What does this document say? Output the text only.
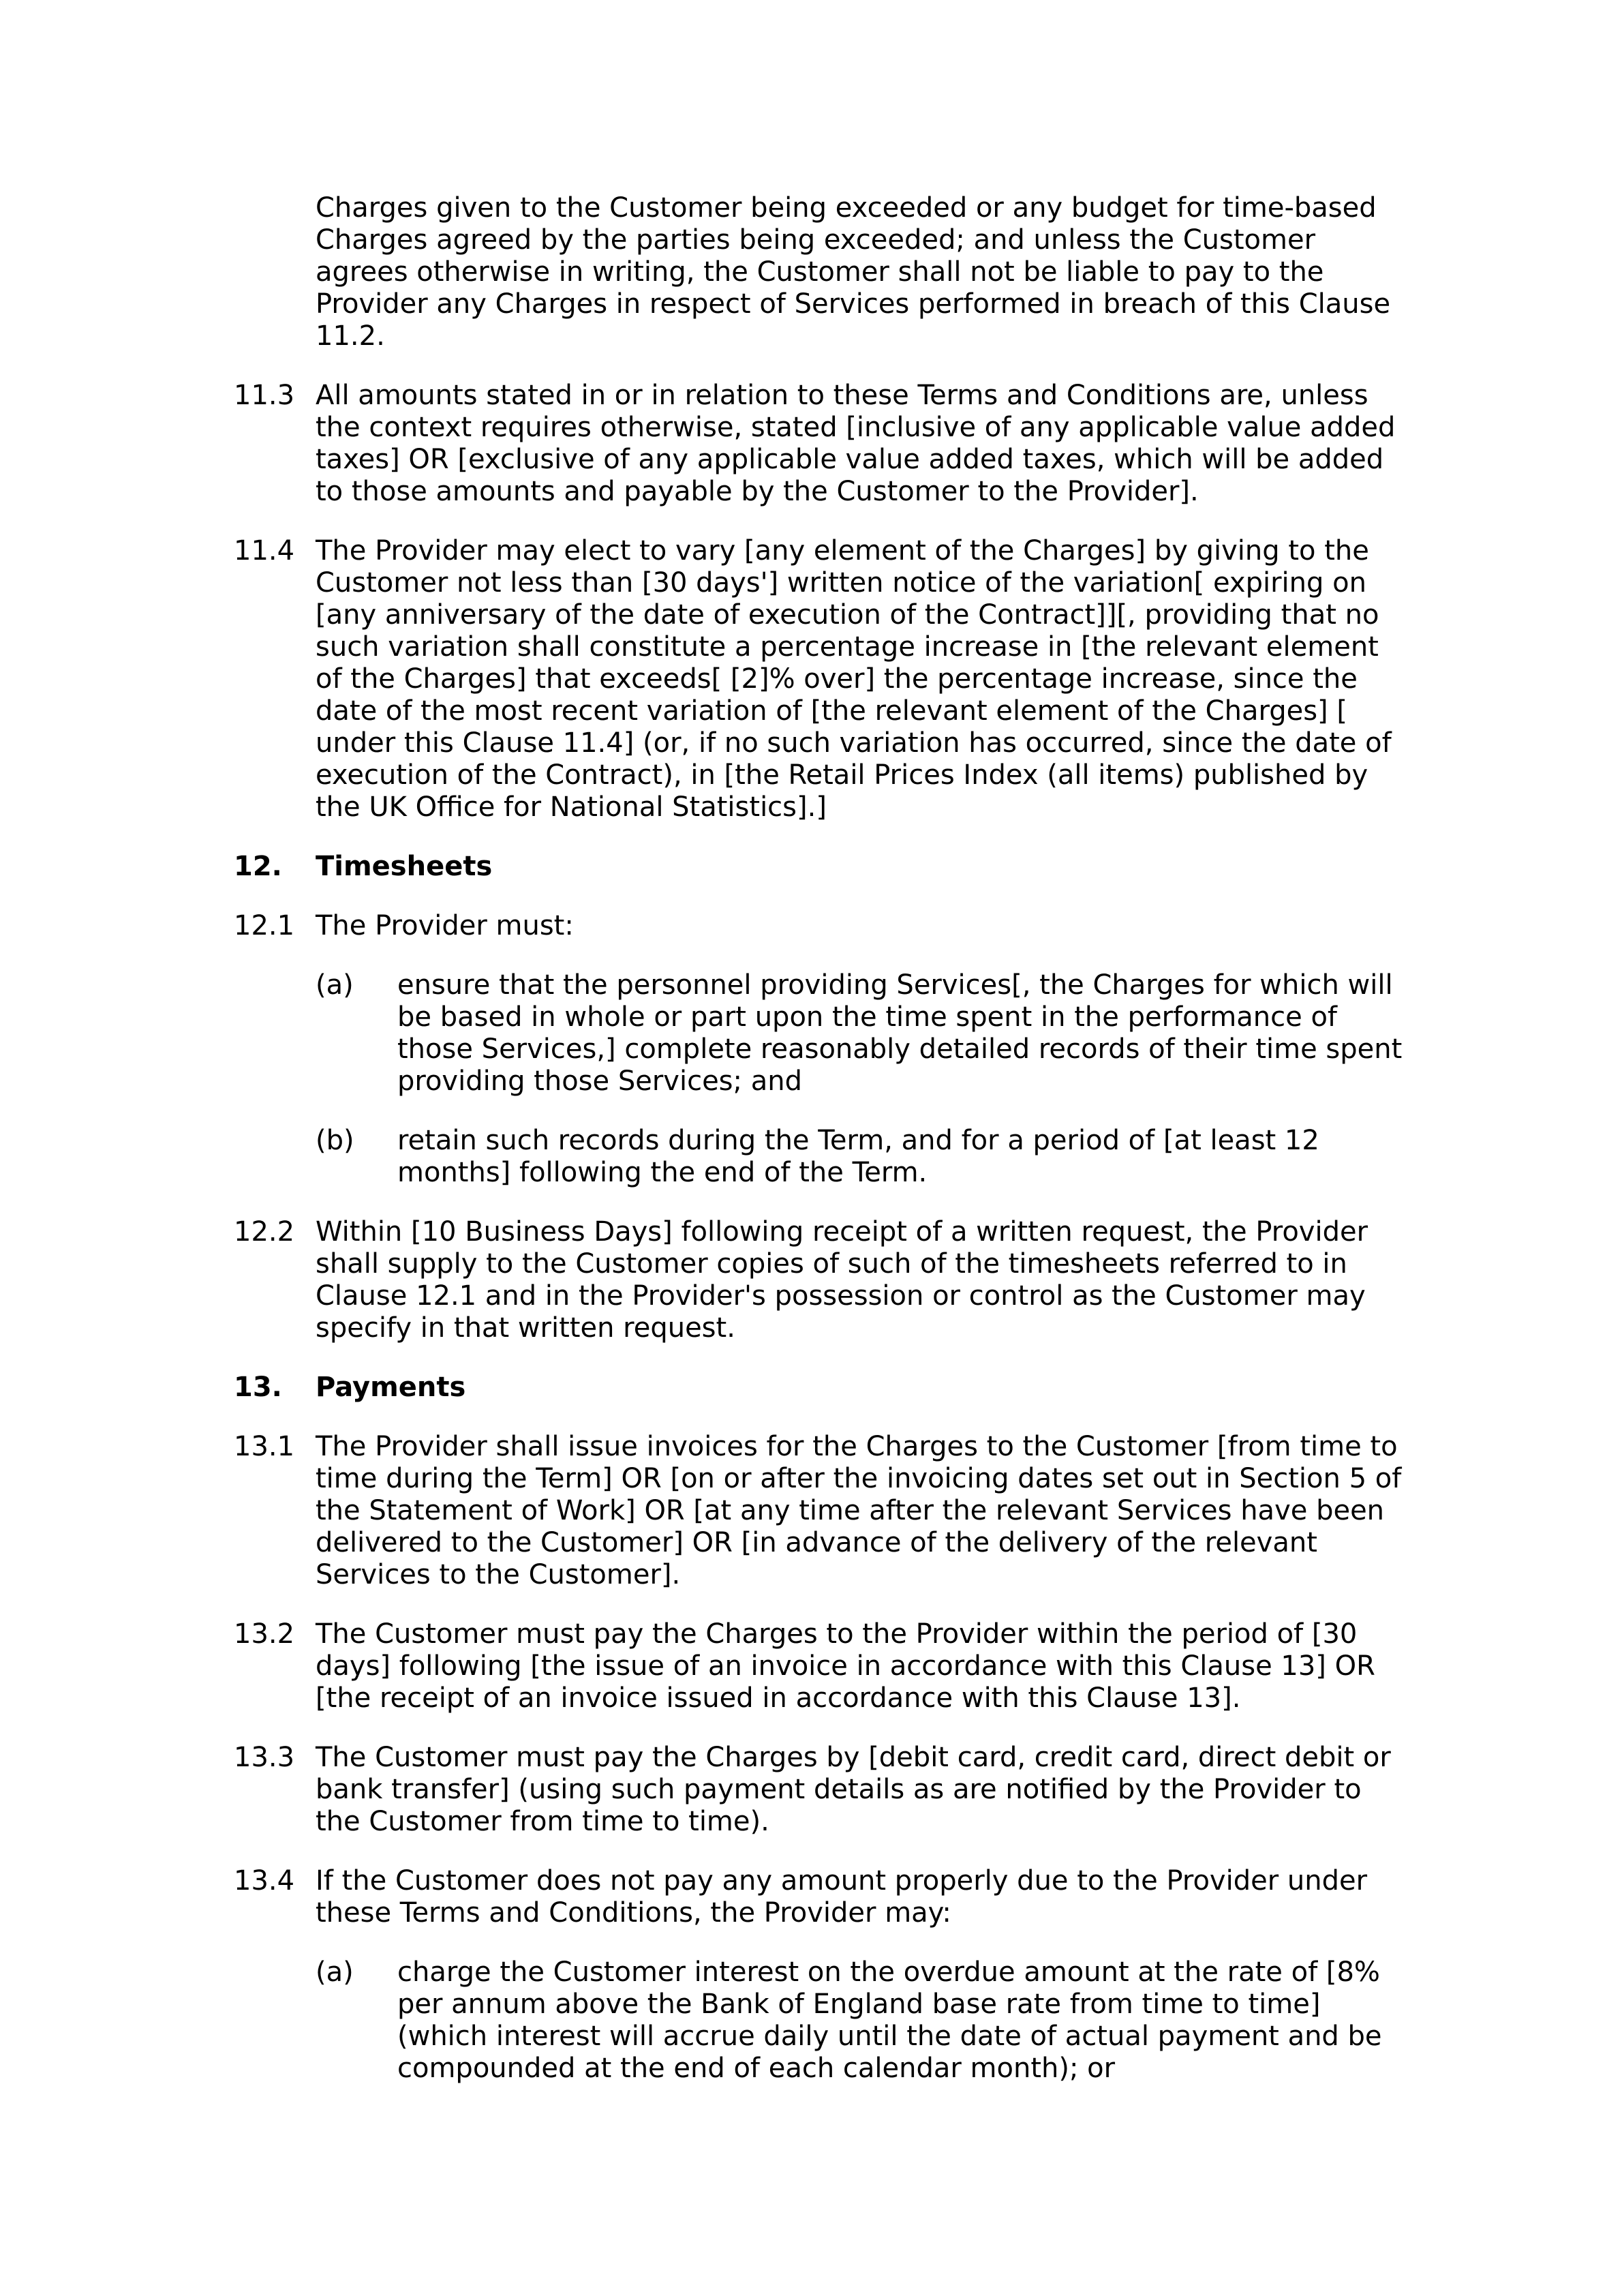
Charges given to the Customer being exceeded or any budget for time-based Charges agreed by the parties being exceeded; and unless the Customer agrees otherwise in writing, the Customer shall not be liable to pay to the Provider any Charges in respect of Services performed in breach of this Clause 11.2.
11.3 All amounts stated in or in relation to these Terms and Conditions are, unless the context requires otherwise, stated [inclusive of any applicable value added taxes] OR [exclusive of any applicable value added taxes, which will be added to those amounts and payable by the Customer to the Provider].
11.4 The Provider may elect to vary [any element of the Charges] by giving to the Customer not less than [30 days'] written notice of the variation[ expiring on [any anniversary of the date of execution of the Contract]][, providing that no such variation shall constitute a percentage increase in [the relevant element of the Charges] that exceeds[ [2]% over] the percentage increase, since the date of the most recent variation of [the relevant element of the Charges] [ under this Clause 11.4] (or, if no such variation has occurred, since the date of execution of the Contract), in [the Retail Prices Index (all items) published by the UK Office for National Statistics].]
12. Timesheets
12.1 The Provider must:
(a) ensure that the personnel providing Services[, the Charges for which will be based in whole or part upon the time spent in the performance of those Services,] complete reasonably detailed records of their time spent providing those Services; and
(b) retain such records during the Term, and for a period of [at least 12 months] following the end of the Term.
12.2 Within [10 Business Days] following receipt of a written request, the Provider shall supply to the Customer copies of such of the timesheets referred to in Clause 12.1 and in the Provider's possession or control as the Customer may specify in that written request.
13. Payments
13.1 The Provider shall issue invoices for the Charges to the Customer [from time to time during the Term] OR [on or after the invoicing dates set out in Section 5 of the Statement of Work] OR [at any time after the relevant Services have been delivered to the Customer] OR [in advance of the delivery of the relevant Services to the Customer].
13.2 The Customer must pay the Charges to the Provider within the period of [30 days] following [the issue of an invoice in accordance with this Clause 13] OR [the receipt of an invoice issued in accordance with this Clause 13].
13.3 The Customer must pay the Charges by [debit card, credit card, direct debit or bank transfer] (using such payment details as are notified by the Provider to the Customer from time to time).
13.4 If the Customer does not pay any amount properly due to the Provider under these Terms and Conditions, the Provider may:
(a) charge the Customer interest on the overdue amount at the rate of [8% per annum above the Bank of England base rate from time to time] (which interest will accrue daily until the date of actual payment and be compounded at the end of each calendar month); or
